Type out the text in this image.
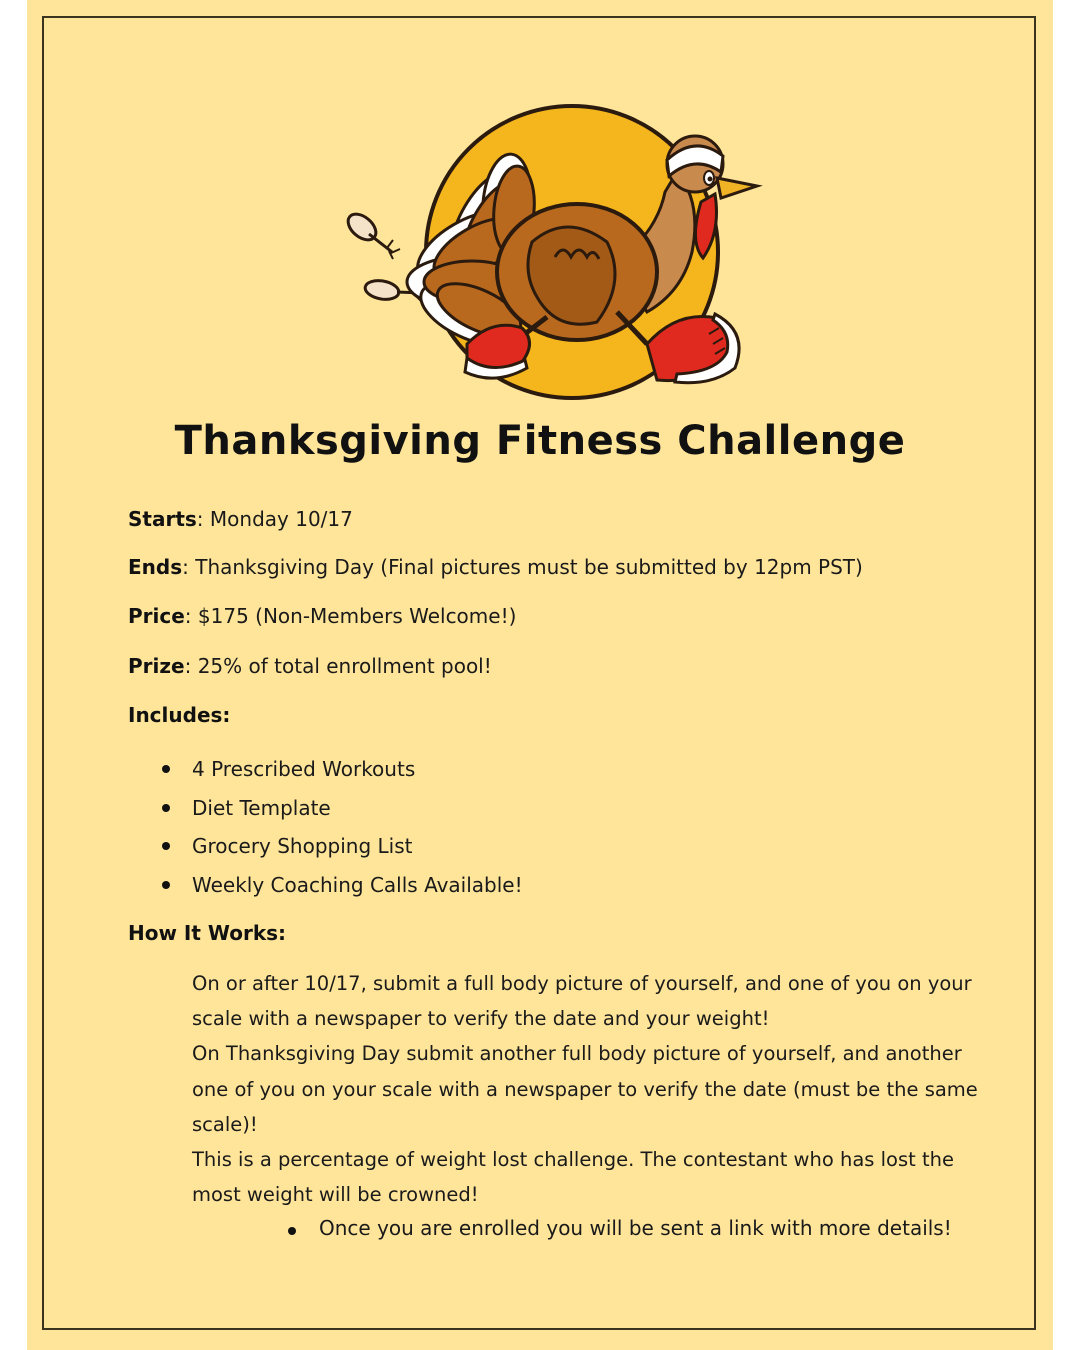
Thanksgiving Fitness Challenge
Starts: Monday 10/17
Ends: Thanksgiving Day (Final pictures must be submitted by 12pm PST)
Price: $175 (Non-Members Welcome!)
Prize: 25% of total enrollment pool!
Includes:
4 Prescribed Workouts
Diet Template
Grocery Shopping List
Weekly Coaching Calls Available!
How It Works:

On or after 10/17, submit a full body picture of yourself, and one of you on your scale with a newspaper to verify the date and your weight!

On Thanksgiving Day submit another full body picture of yourself, and another one of you on your scale with a newspaper to verify the date (must be the same scale)!

This is a percentage of weight lost challenge. The contestant who has lost the most weight will be crowned!

Once you are enrolled you will be sent a link with more details!
